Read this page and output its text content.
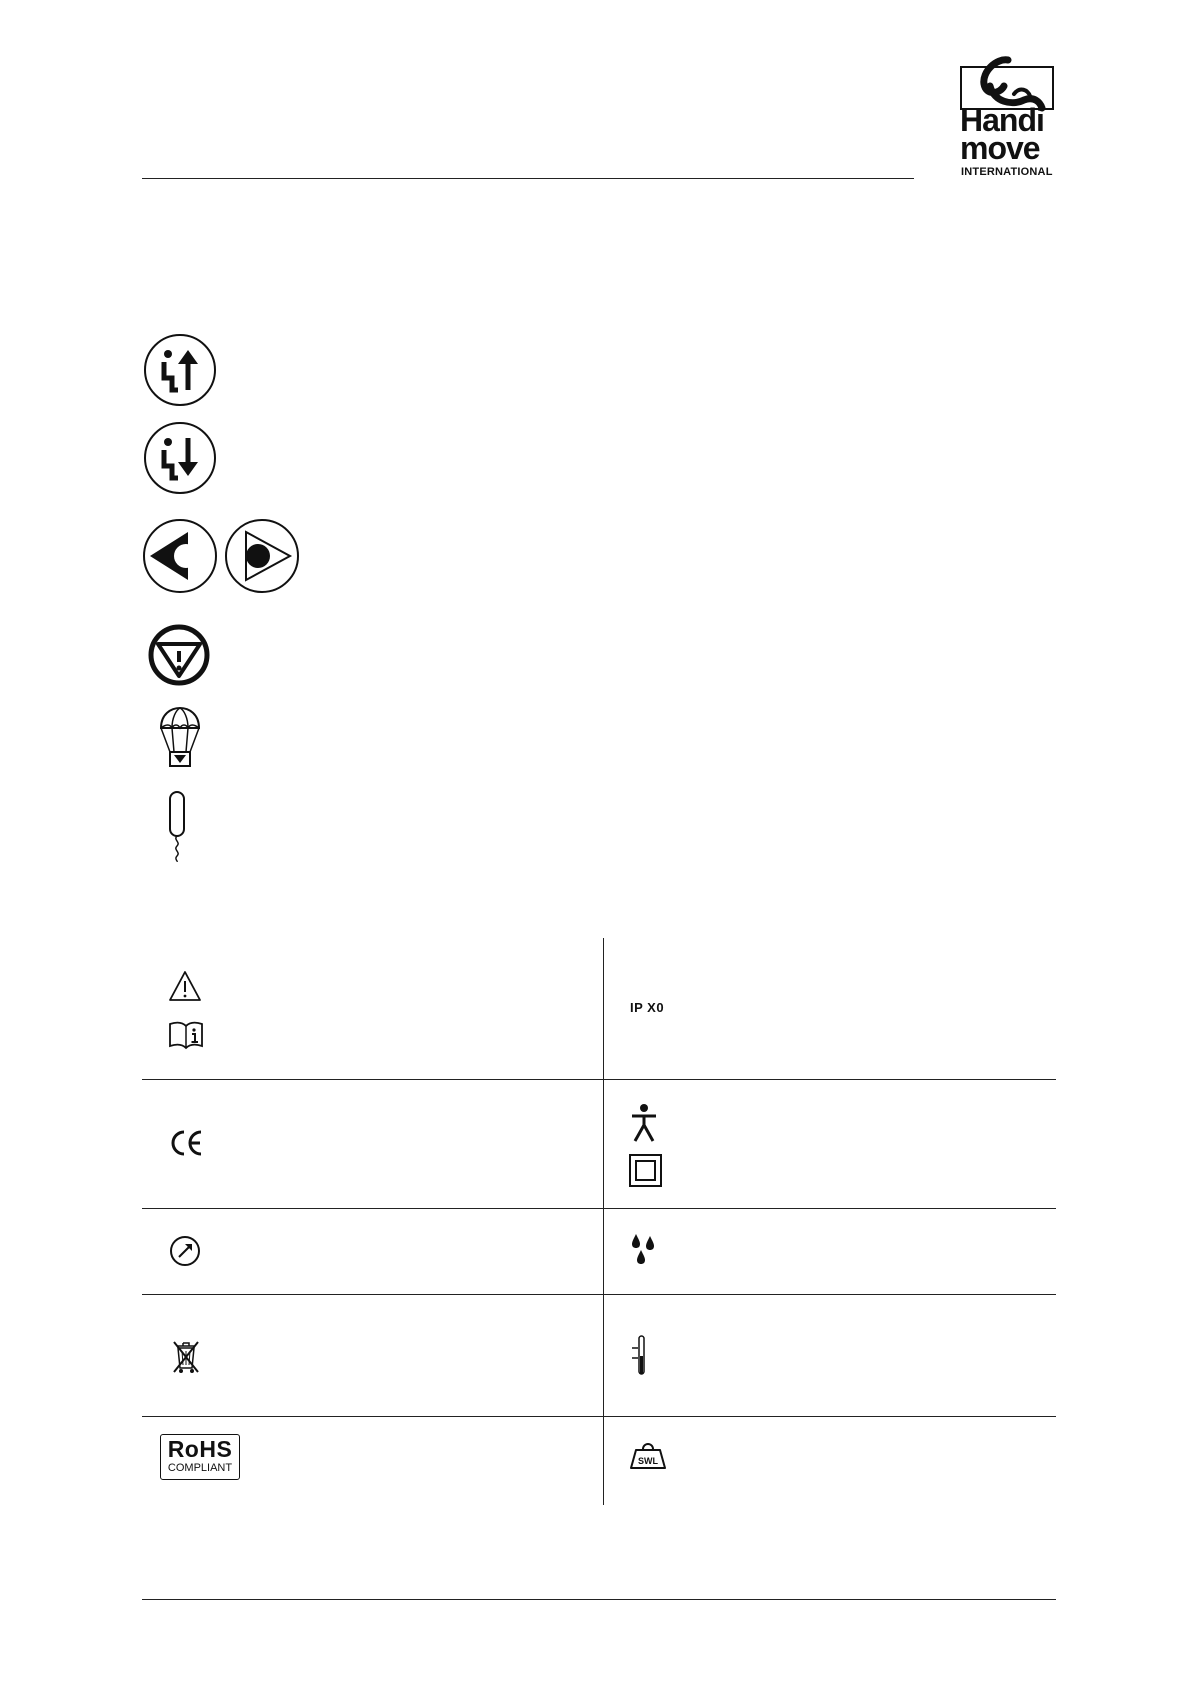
Handi
move
INTERNATIONAL
IP X0
RoHS
COMPLIANT
SWL
